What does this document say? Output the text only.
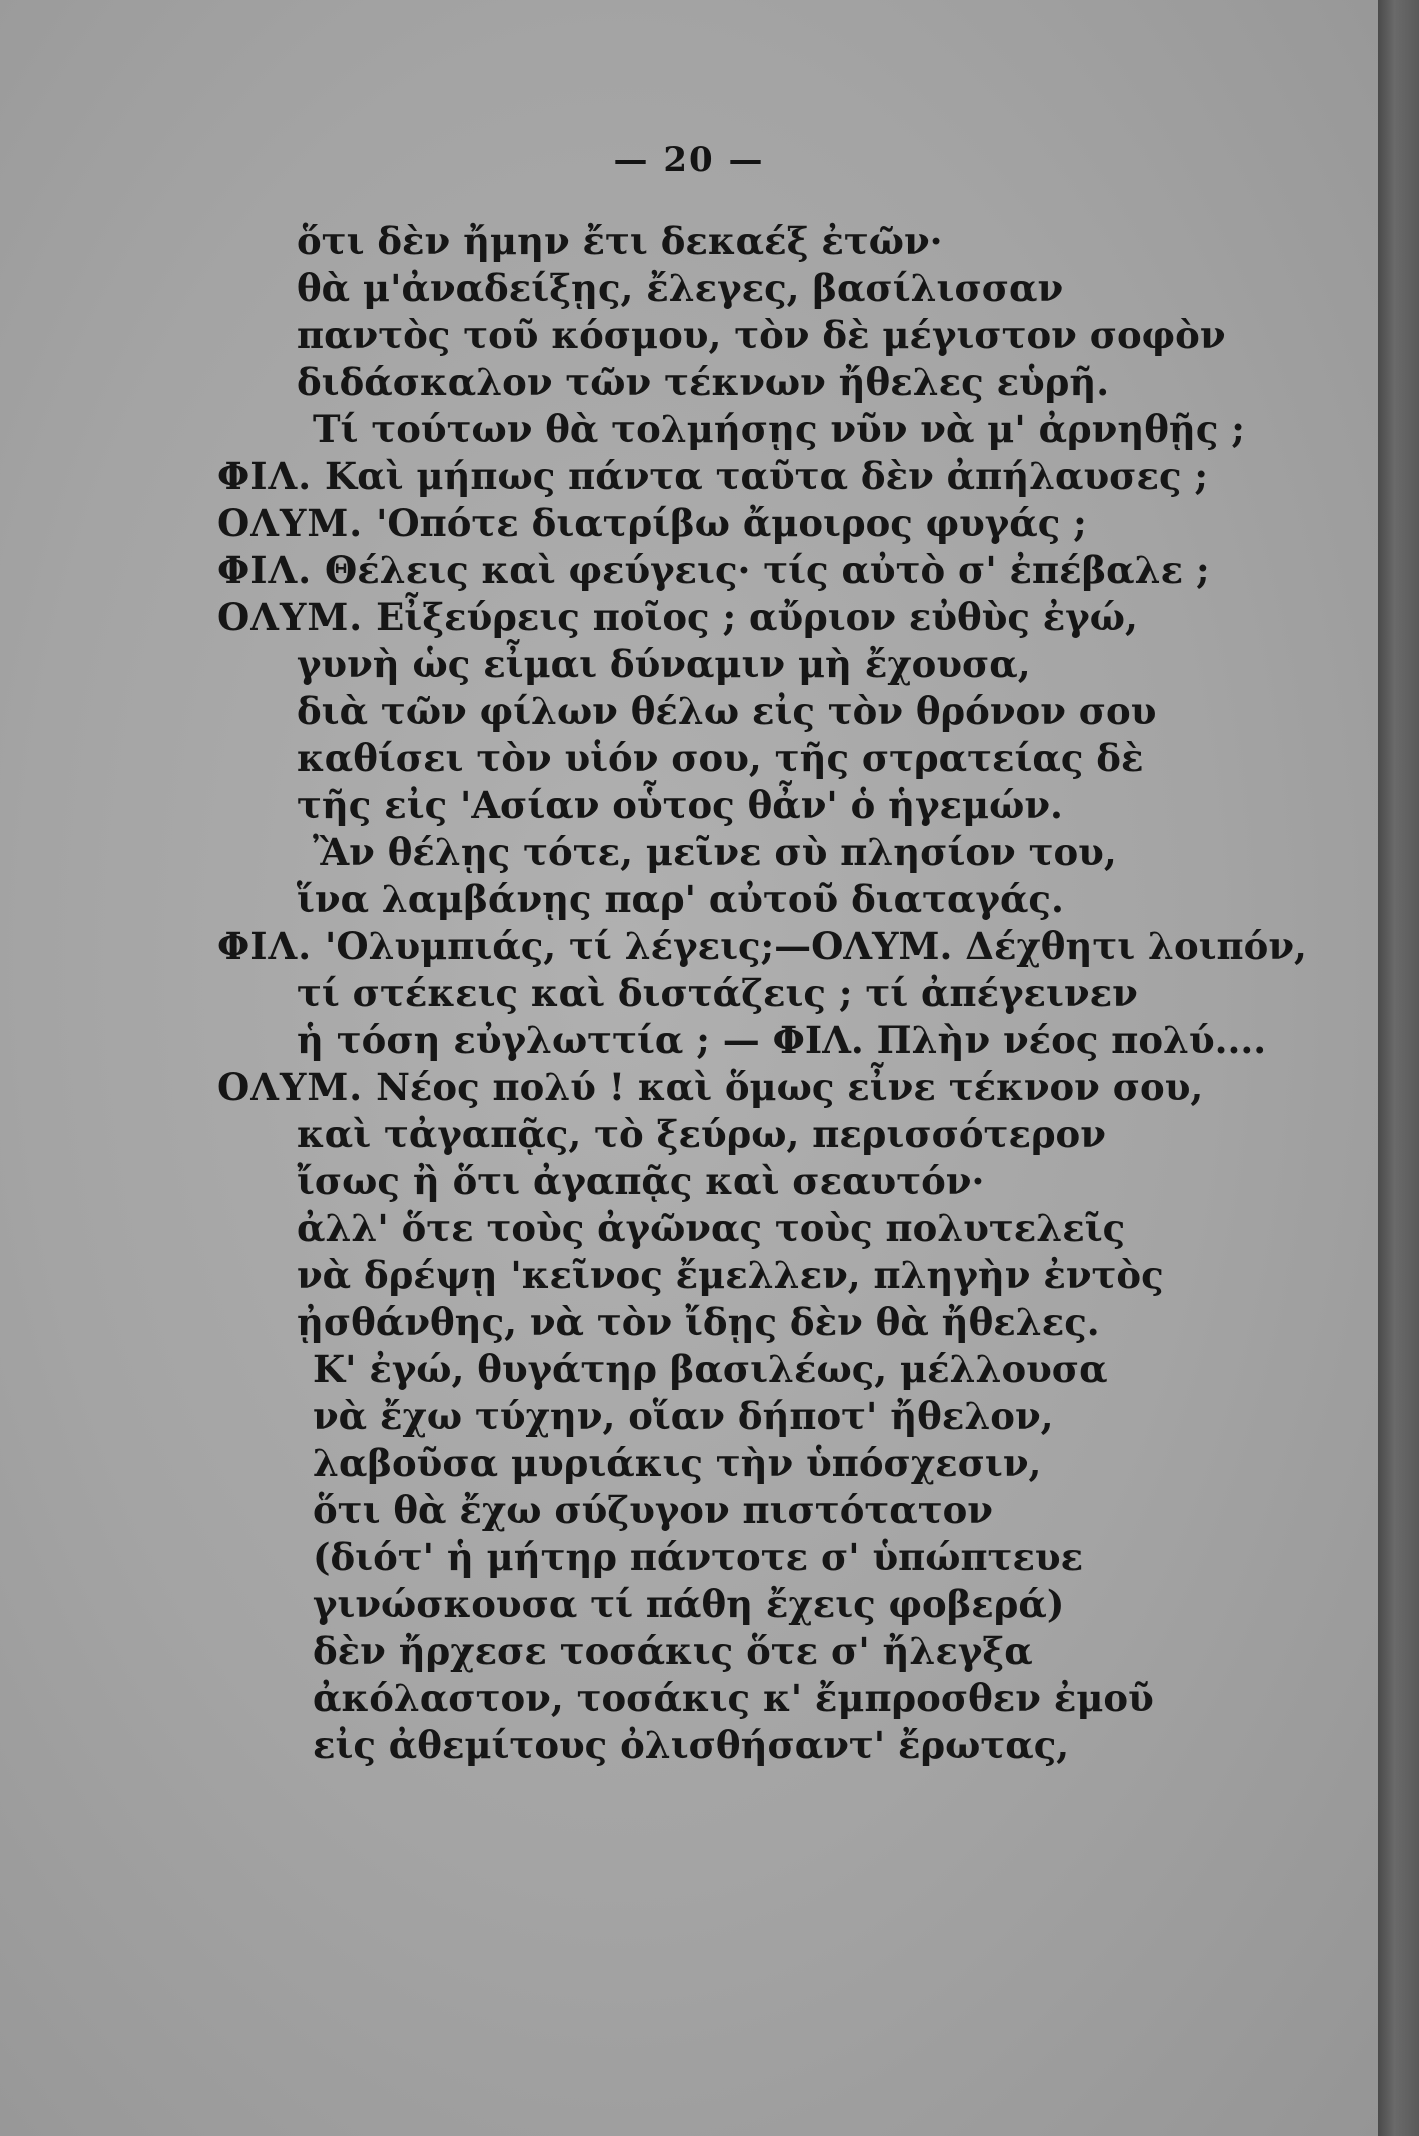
— 20 —
ὅτι δὲν ἤμην ἔτι δεκαέξ ἐτῶν·
θὰ μ'ἀναδείξῃς, ἔλεγες, βασίλισσαν
παντὸς τοῦ κόσμου, τὸν δὲ μέγιστον σοφὸν
διδάσκαλον τῶν τέκνων ἤθελες εὑρῆ.
Τί τούτων θὰ τολμήσῃς νῦν νὰ μ' ἀρνηθῇς ;
ΦΙΛ. Καὶ μήπως πάντα ταῦτα δὲν ἀπήλαυσες ;
ΟΛΥΜ. 'Οπότε διατρίβω ἄμοιρος φυγάς ;
ΦΙΛ. Θέλεις καὶ φεύγεις· τίς αὐτὸ σ' ἐπέβαλε ;
ΟΛΥΜ. Εἶξεύρεις ποῖος ; αὔριον εὐθὺς ἐγώ,
γυνὴ ὡς εἶμαι δύναμιν μὴ ἔχουσα,
διὰ τῶν φίλων θέλω εἰς τὸν θρόνον σου
καθίσει τὸν υἱόν σου, τῆς στρατείας δὲ
τῆς εἰς 'Ασίαν οὗτος θἆν' ὁ ἡγεμών.
Ἂν θέλῃς τότε, μεῖνε σὺ πλησίον του,
ἵνα λαμβάνῃς παρ' αὐτοῦ διαταγάς.
ΦΙΛ. 'Ολυμπιάς, τί λέγεις;—ΟΛΥΜ. Δέχθητι λοιπόν,
τί στέκεις καὶ διστάζεις ; τί ἀπέγεινεν
ἡ τόση εὐγλωττία ; — ΦΙΛ. Πλὴν νέος πολύ....
ΟΛΥΜ. Νέος πολύ ! καὶ ὅμως εἶνε τέκνον σου,
καὶ τἀγαπᾷς, τὸ ξεύρω, περισσότερον
ἴσως ἢ ὅτι ἀγαπᾷς καὶ σεαυτόν·
ἀλλ' ὅτε τοὺς ἀγῶνας τοὺς πολυτελεῖς
νὰ δρέψῃ 'κεῖνος ἔμελλεν, πληγὴν ἐντὸς
ᾐσθάνθης, νὰ τὸν ἴδῃς δὲν θὰ ἤθελες.
Κ' ἐγώ, θυγάτηρ βασιλέως, μέλλουσα
νὰ ἔχω τύχην, οἵαν δήποτ' ἤθελον,
λαβοῦσα μυριάκις τὴν ὑπόσχεσιν,
ὅτι θὰ ἔχω σύζυγον πιστότατον
(διότ' ἡ μήτηρ πάντοτε σ' ὑπώπτευε
γινώσκουσα τί πάθη ἔχεις φοβερά)
δὲν ἤρχεσε τοσάκις ὅτε σ' ἤλεγξα
ἀκόλαστον, τοσάκις κ' ἔμπροσθεν ἐμοῦ
εἰς ἀθεμίτους ὀλισθήσαντ' ἔρωτας,
